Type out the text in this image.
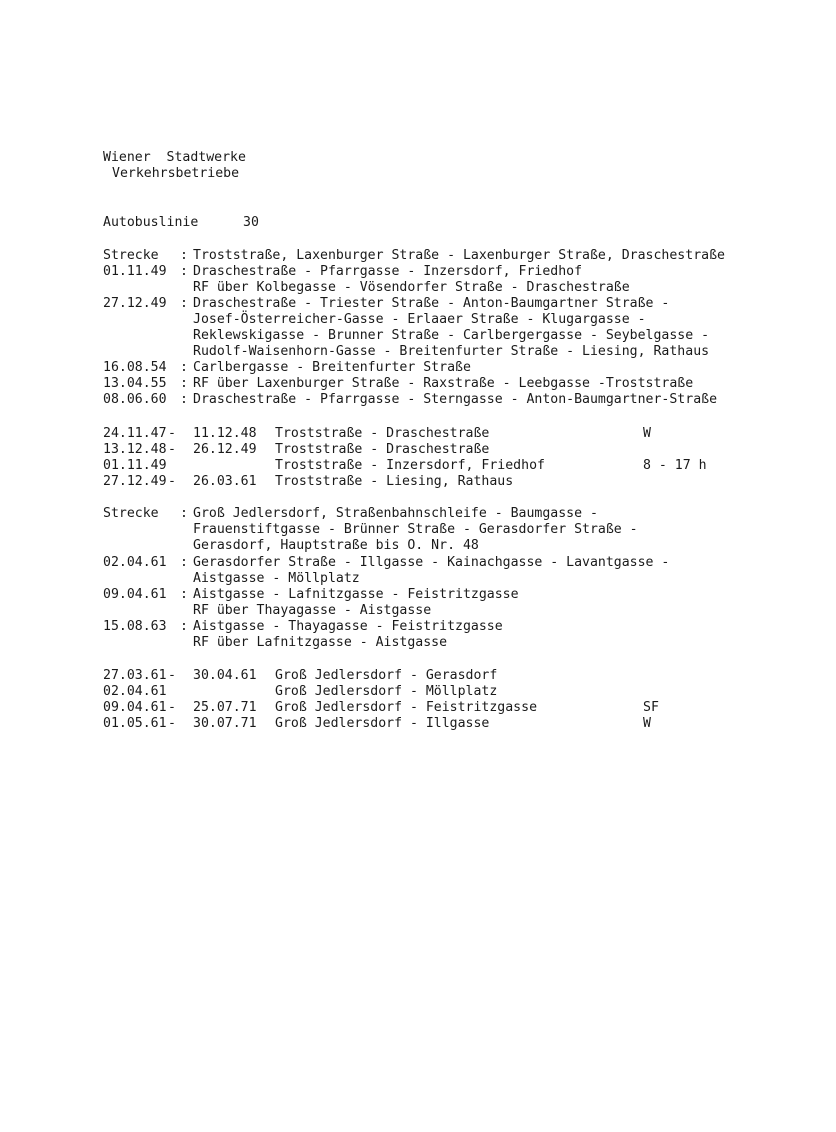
Wiener  Stadtwerke
Verkehrsbetriebe
Autobuslinie	30
Strecke : Troststraße, Laxenburger Straße - Laxenburger Straße, Draschestraße
01.11.49 : Draschestraße - Pfarrgasse - Inzersdorf, Friedhof
RF über Kolbegasse - Vösendorfer Straße - Draschestraße
27.12.49 : Draschestraße - Triester Straße - Anton-Baumgartner Straße -
Josef-Österreicher-Gasse - Erlaaer Straße - Klugargasse -
Reklewskigasse - Brunner Straße - Carlbergergasse - Seybelgasse -
Rudolf-Waisenhorn-Gasse - Breitenfurter Straße - Liesing, Rathaus
16.08.54 : Carlbergasse - Breitenfurter Straße
13.04.55 : RF über Laxenburger Straße - Raxstraße - Leebgasse -Troststraße
08.06.60 : Draschestraße - Pfarrgasse - Sterngasse - Anton-Baumgartner-Straße
24.11.47 - 11.12.48 Troststraße - Draschestraße	W
13.12.48 - 26.12.49 Troststraße - Draschestraße
01.11.49	Troststraße - Inzersdorf, Friedhof	8 - 17 h
27.12.49 - 26.03.61 Troststraße - Liesing, Rathaus
Strecke : Groß Jedlersdorf, Straßenbahnschleife - Baumgasse -
Frauenstiftgasse - Brünner Straße - Gerasdorfer Straße -
Gerasdorf, Hauptstraße bis O. Nr. 48
02.04.61 : Gerasdorfer Straße - Illgasse - Kainachgasse - Lavantgasse -
Aistgasse - Möllplatz
09.04.61 : Aistgasse - Lafnitzgasse - Feistritzgasse
RF über Thayagasse - Aistgasse
15.08.63 : Aistgasse - Thayagasse - Feistritzgasse
RF über Lafnitzgasse - Aistgasse
27.03.61 - 30.04.61 Groß Jedlersdorf - Gerasdorf
02.04.61	Groß Jedlersdorf - Möllplatz
09.04.61 - 25.07.71 Groß Jedlersdorf - Feistritzgasse	SF
01.05.61 - 30.07.71 Groß Jedlersdorf - Illgasse	W
